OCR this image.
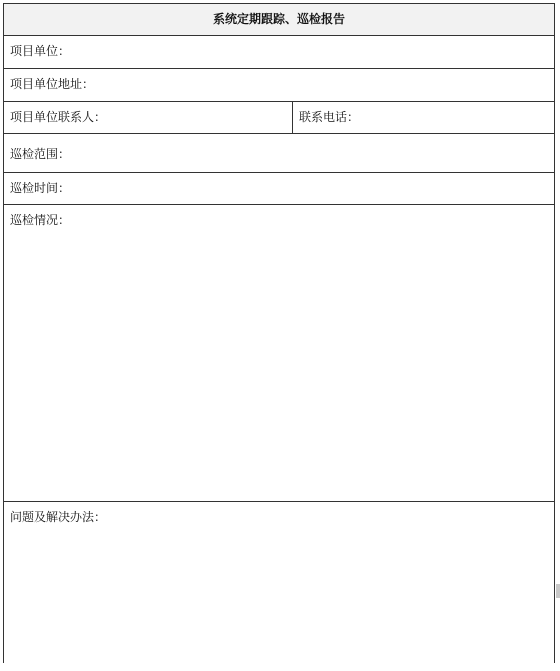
系统定期跟踪、巡检报告
项目单位：
项目单位地址：
项目单位联系人：	联系电话：
巡检范围：
巡检时间：
巡检情况：
问题及解决办法：
